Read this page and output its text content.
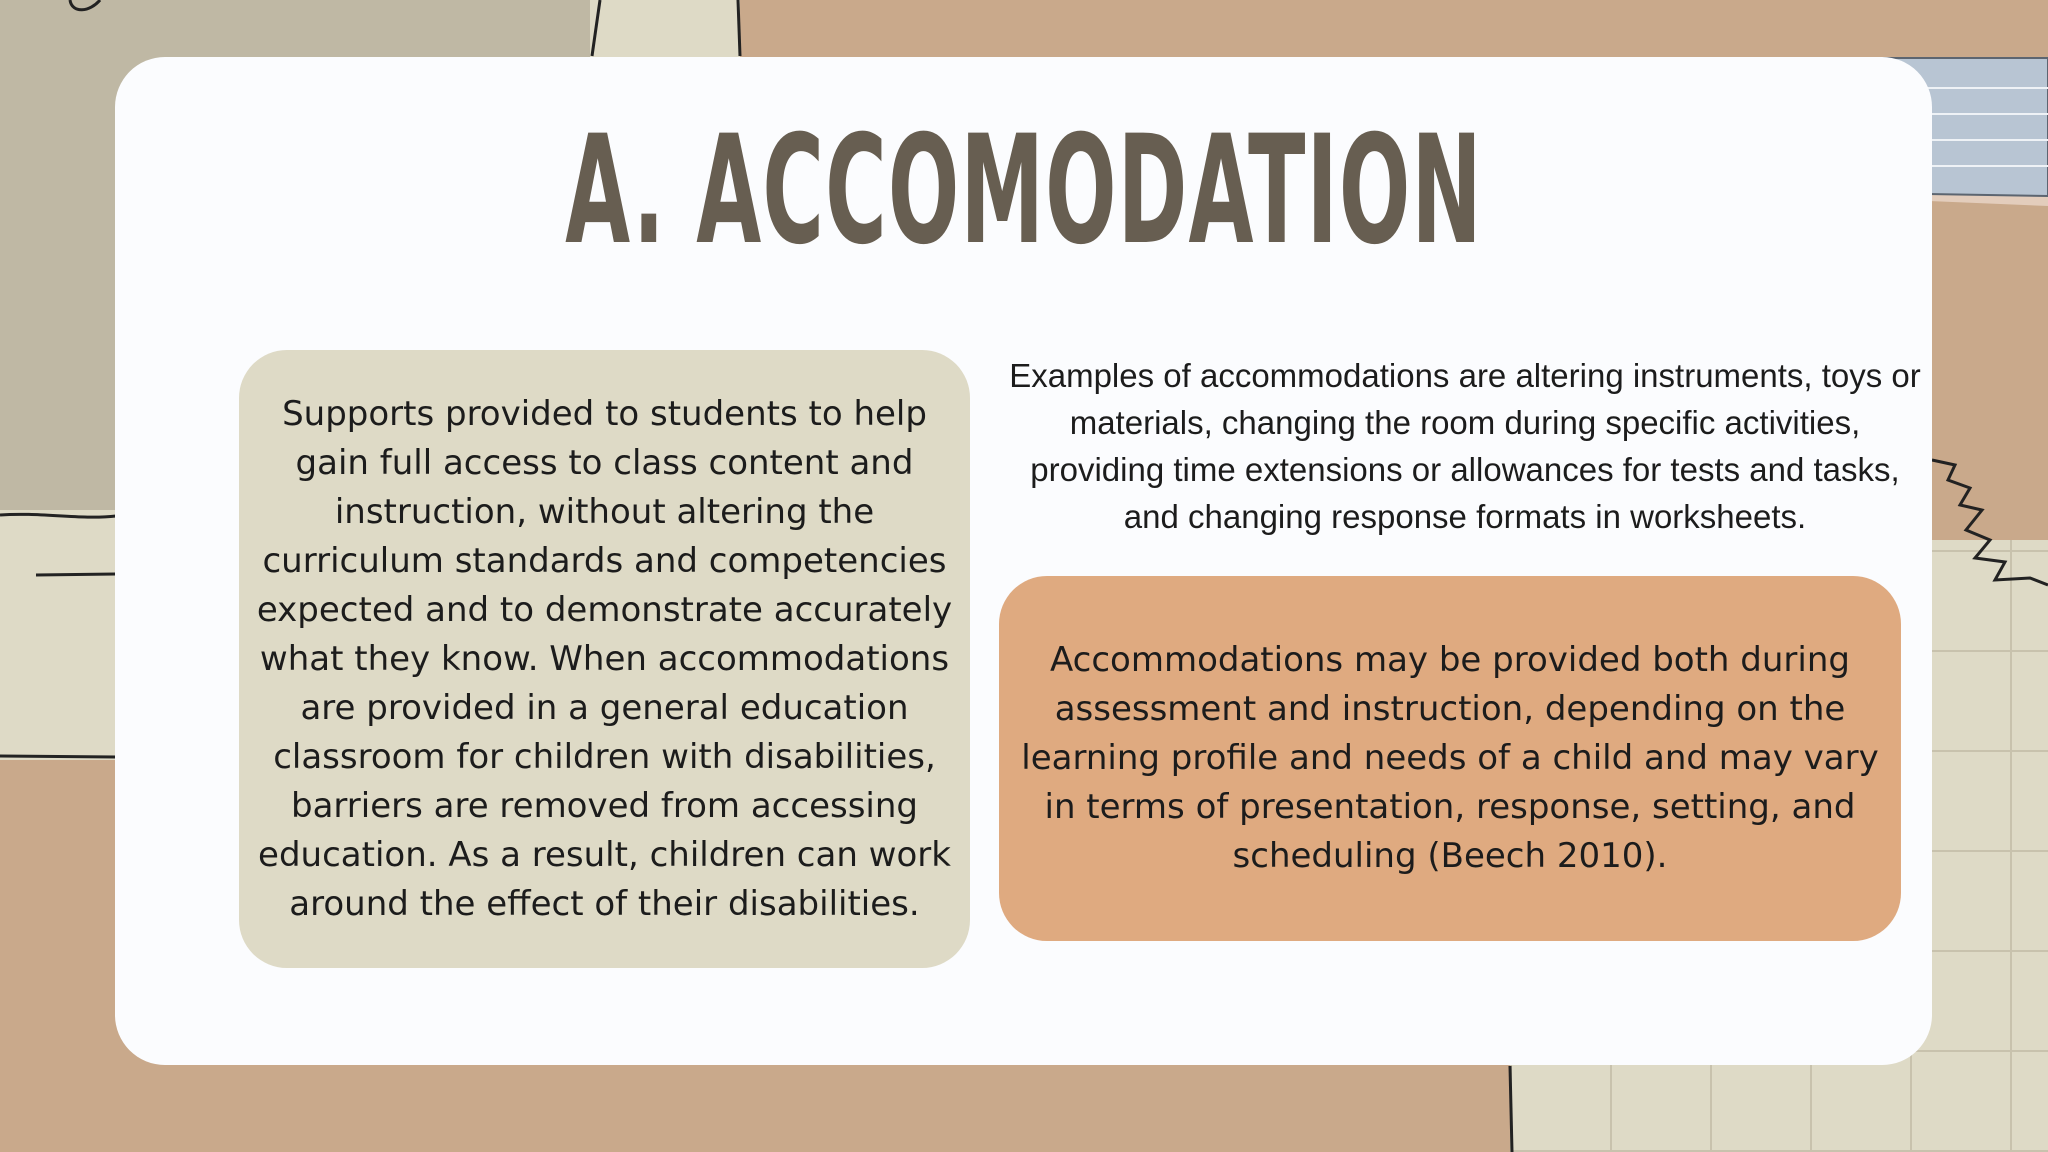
A. ACCOMODATION

Supports provided to students to help gain full access to class content and instruction, without altering the curriculum standards and competencies expected and to demonstrate accurately what they know. When accommodations are provided in a general education classroom for children with disabilities, barriers are removed from accessing education. As a result, children can work around the effect of their disabilities.

Examples of accommodations are altering instruments, toys or materials, changing the room during specific activities, providing time extensions or allowances for tests and tasks, and changing response formats in worksheets.

Accommodations may be provided both during assessment and instruction, depending on the learning profile and needs of a child and may vary in terms of presentation, response, setting, and scheduling (Beech 2010).
